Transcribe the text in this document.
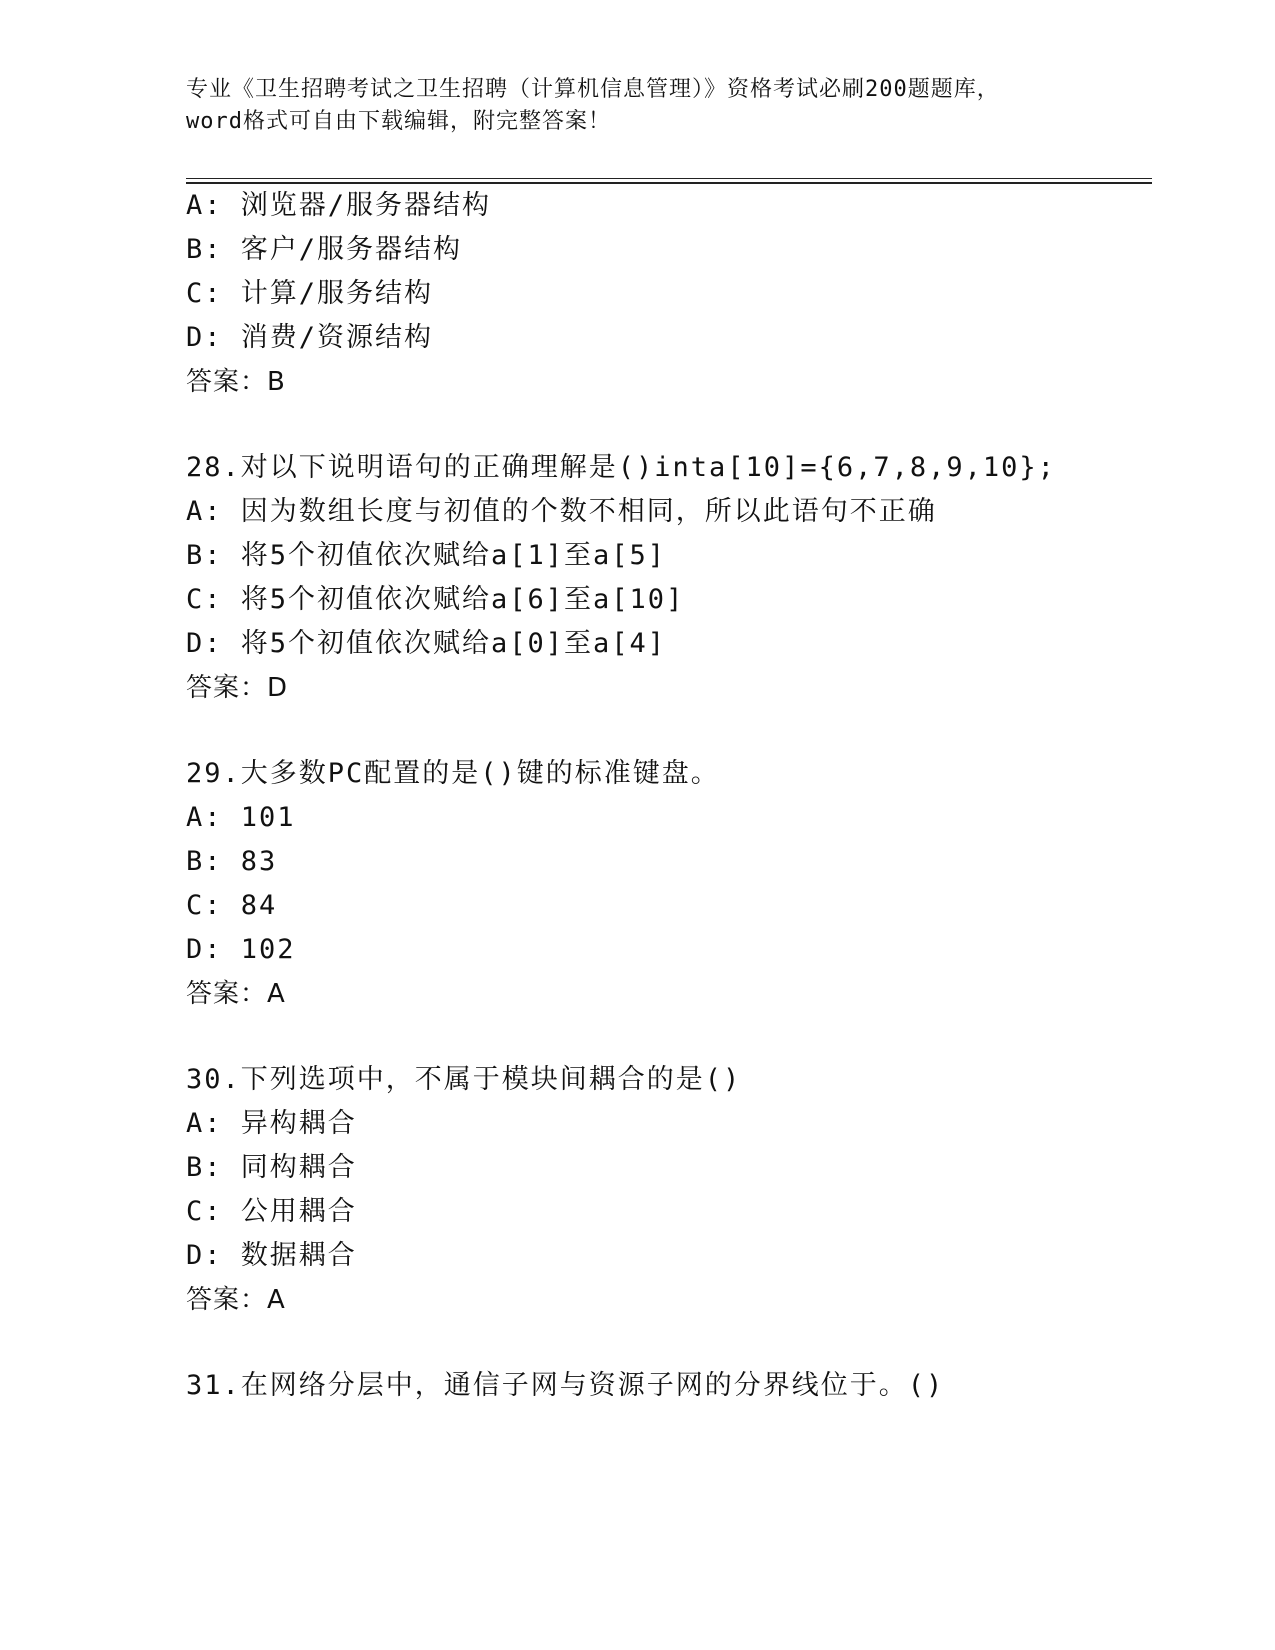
专业《卫生招聘考试之卫生招聘（计算机信息管理）》资格考试必刷200题题库，
word格式可自由下载编辑，附完整答案！
A: 浏览器/服务器结构
B: 客户/服务器结构
C: 计算/服务结构
D: 消费/资源结构
答案：B
28.对以下说明语句的正确理解是()inta[10]={6,7,8,9,10};
A: 因为数组长度与初值的个数不相同，所以此语句不正确
B: 将5个初值依次赋给a[1]至a[5]
C: 将5个初值依次赋给a[6]至a[10]
D: 将5个初值依次赋给a[0]至a[4]
答案：D
29.大多数PC配置的是()键的标准键盘。
A: 101
B: 83
C: 84
D: 102
答案：A
30.下列选项中，不属于模块间耦合的是()
A: 异构耦合
B: 同构耦合
C: 公用耦合
D: 数据耦合
答案：A
31.在网络分层中，通信子网与资源子网的分界线位于。()
